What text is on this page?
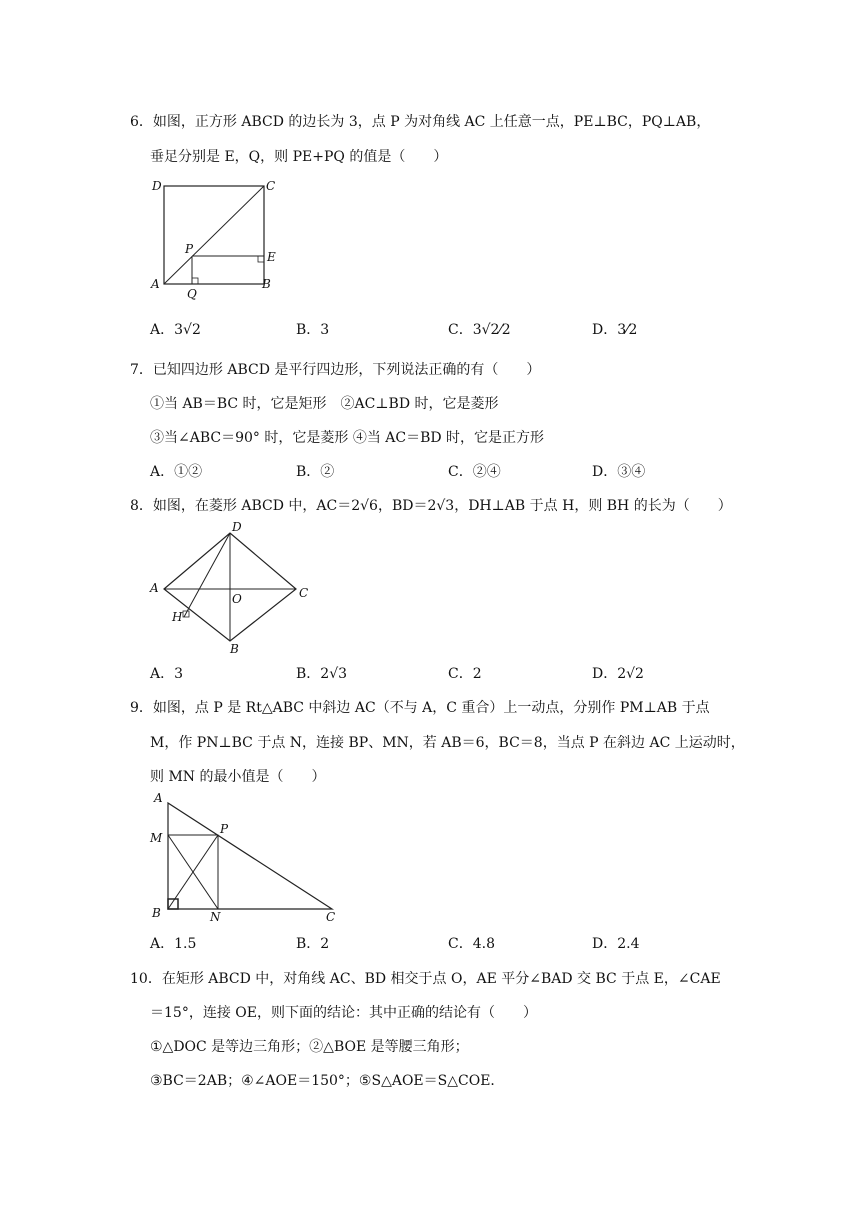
6．如图，正方形 ABCD 的边长为 3，点 P 为对角线 AC 上任意一点，PE⊥BC，PQ⊥AB，
垂足分别是 E，Q，则 PE+PQ 的值是（　　）
D	C
P
E
A
Q
B
A．3√2	B．3	C．3√2⁄2	D．3⁄2
7．已知四边形 ABCD 是平行四边形，下列说法正确的有（　　）
①当 AB＝BC 时，它是矩形　②AC⊥BD 时，它是菱形
③当∠ABC＝90° 时，它是菱形 ④当 AC＝BD 时，它是正方形
A．①②	B．②	C．②④	D．③④
8．如图，在菱形 ABCD 中，AC＝2√6，BD＝2√3，DH⊥AB 于点 H，则 BH 的长为（　　）
D
A
O	C
H
B
A．3	B．2√3	C．2	D．2√2
9．如图，点 P 是 Rt△ABC 中斜边 AC（不与 A，C 重合）上一动点，分别作 PM⊥AB 于点
M，作 PN⊥BC 于点 N，连接 BP、MN，若 AB＝6，BC＝8，当点 P 在斜边 AC 上运动时，
则 MN 的最小值是（　　）
A
M
P
B	N	C
A．1.5	B．2	C．4.8	D．2.4
10．在矩形 ABCD 中，对角线 AC、BD 相交于点 O，AE 平分∠BAD 交 BC 于点 E，∠CAE
＝15°，连接 OE，则下面的结论：其中正确的结论有（　　）
①△DOC 是等边三角形；②△BOE 是等腰三角形；
③BC＝2AB；④∠AOE＝150°；⑤S△AOE＝S△COE．
